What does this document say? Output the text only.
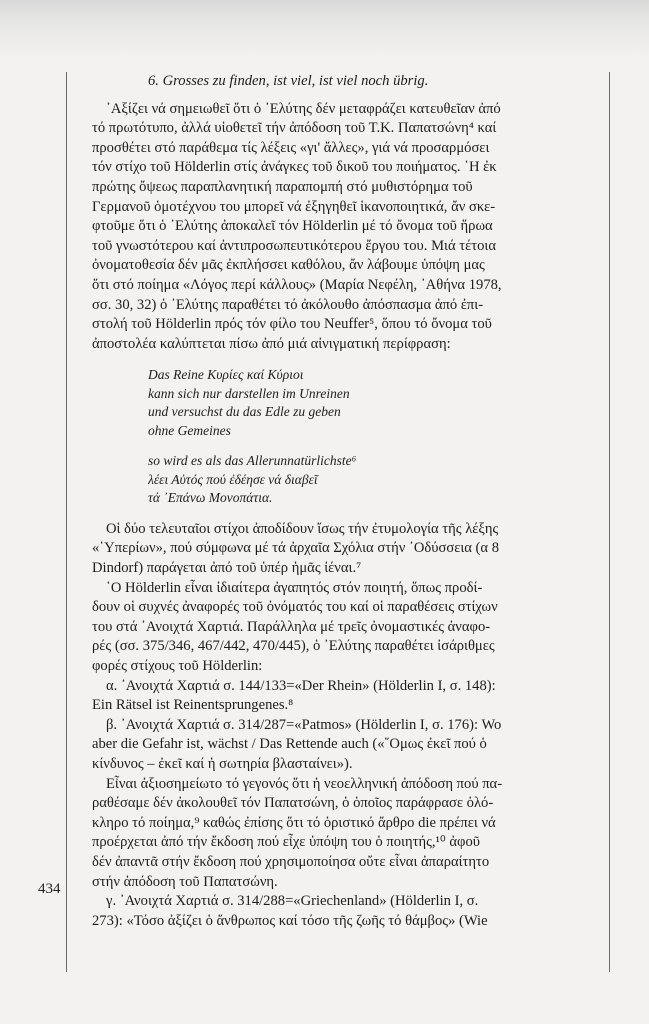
434
6. Grosses zu finden, ist viel, ist viel noch übrig.
᾿Αξίζει νά σημειωθεῖ ὅτι ὁ ᾿Ελύτης δέν μεταφράζει κατευθεῖαν ἀπό
τό πρωτότυπο, ἀλλά υἱοθετεῖ τήν ἀπόδοση τοῦ Τ.Κ. Παπατσώνη⁴ καί
προσθέτει στό παράθεμα τίς λέξεις «γι' ἄλλες», γιά νά προσαρμόσει
τόν στίχο τοῦ Hölderlin στίς ἀνάγκες τοῦ δικοῦ του ποιήματος. ῾Η ἐκ
πρώτης ὄψεως παραπλανητική παραπομπή στό μυθιστόρημα τοῦ
Γερμανοῦ ὁμοτέχνου του μπορεῖ νά ἐξηγηθεῖ ἱκανοποιητικά, ἄν σκε-
φτοῦμε ὅτι ὁ ᾿Ελύτης ἀποκαλεῖ τόν Hölderlin μέ τό ὄνομα τοῦ ἥρωα
τοῦ γνωστότερου καί ἀντιπροσωπευτικότερου ἔργου του. Μιά τέτοια
ὀνοματοθεσία δέν μᾶς ἐκπλήσσει καθόλου, ἄν λάβουμε ὑπόψη μας
ὅτι στό ποίημα «Λόγος περί κάλλους» (Μαρία Νεφέλη, ᾿Αθήνα 1978,
σσ. 30, 32) ὁ ᾿Ελύτης παραθέτει τό ἀκόλουθο ἀπόσπασμα ἀπό ἐπι-
στολή τοῦ Hölderlin πρός τόν φίλο του Neuffer⁵, ὅπου τό ὄνομα τοῦ
ἀποστολέα καλύπτεται πίσω ἀπό μιά αἰνιγματική περίφραση:
Das Reine Κυρίες καί Κύριοι
kann sich nur darstellen im Unreinen
und versuchst du das Edle zu geben
ohne Gemeines
so wird es als das Allerunnatürlichste⁶
λέει Αὐτός πού ἐδέησε νά διαβεῖ
τά ᾿Επάνω Μονοπάτια.
Οἱ δύο τελευταῖοι στίχοι ἀποδίδουν ἴσως τήν ἐτυμολογία τῆς λέξης
«῾Υπερίων», πού σύμφωνα μέ τά ἀρχαῖα Σχόλια στήν ᾿Οδύσσεια (α 8
Dindorf) παράγεται ἀπό τοῦ ὑπέρ ἡμᾶς ἰέναι.⁷
῾Ο Hölderlin εἶναι ἰδιαίτερα ἀγαπητός στόν ποιητή, ὅπως προδί-
δουν οἱ συχνές ἀναφορές τοῦ ὀνόματός του καί οἱ παραθέσεις στίχων
του στά ᾿Ανοιχτά Χαρτιά. Παράλληλα μέ τρεῖς ὀνομαστικές ἀναφο-
ρές (σσ. 375/346, 467/442, 470/445), ὁ ᾿Ελύτης παραθέτει ἰσάριθμες
φορές στίχους τοῦ Hölderlin:
α. ᾿Ανοιχτά Χαρτιά σ. 144/133=«Der Rhein» (Hölderlin I, σ. 148):
Ein Rätsel ist Reinentsprungenes.⁸
β. ᾿Ανοιχτά Χαρτιά σ. 314/287=«Patmos» (Hölderlin I, σ. 176): Wo
aber die Gefahr ist, wächst / Das Rettende auch («῞Ομως ἐκεῖ πού ὁ
κίνδυνος – ἐκεῖ καί ἡ σωτηρία βλασταίνει»).
Εἶναι ἀξιοσημείωτο τό γεγονός ὅτι ἡ νεοελληνική ἀπόδοση πού πα-
ραθέσαμε δέν ἀκολουθεῖ τόν Παπατσώνη, ὁ ὁποῖος παράφρασε ὁλό-
κληρο τό ποίημα,⁹ καθώς ἐπίσης ὅτι τό ὁριστικό ἄρθρο die πρέπει νά
προέρχεται ἀπό τήν ἔκδοση πού εἶχε ὑπόψη του ὁ ποιητής,¹⁰ ἀφοῦ
δέν ἀπαντᾶ στήν ἔκδοση πού χρησιμοποίησα οὔτε εἶναι ἀπαραίτητο
στήν ἀπόδοση τοῦ Παπατσώνη.
γ. ᾿Ανοιχτά Χαρτιά σ. 314/288=«Griechenland» (Hölderlin I, σ.
273): «Τόσο ἀξίζει ὁ ἄνθρωπος καί τόσο τῆς ζωῆς τό θάμβος» (Wie
